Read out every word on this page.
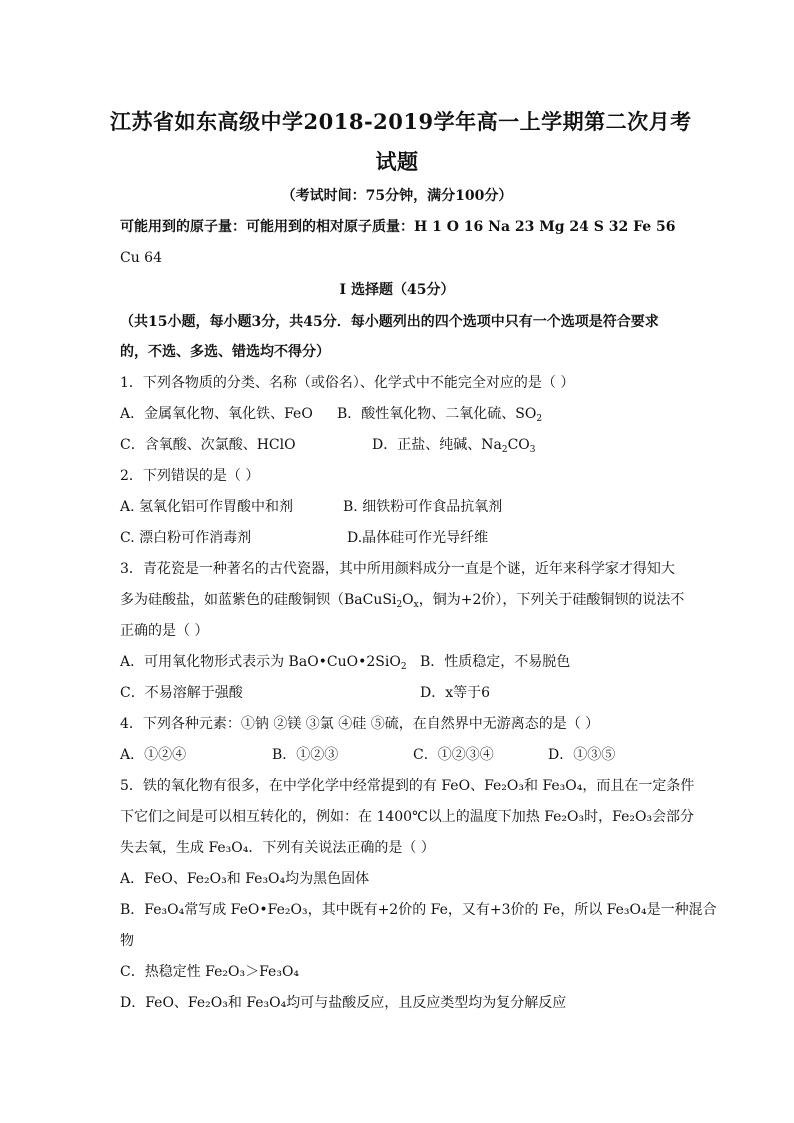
江苏省如东高级中学2018-2019学年高一上学期第二次月考
试题
（考试时间：75分钟，满分100分）
可能用到的原子量：可能用到的相对原子质量：H 1 O 16 Na 23 Mg 24 S 32 Fe 56
Cu 64
I 选择题（45分）
（共15小题，每小题3分，共45分．每小题列出的四个选项中只有一个选项是符合要求
的，不选、多选、错选均不得分）
1．下列各物质的分类、名称（或俗名）、化学式中不能完全对应的是（ ）
A．金属氧化物、氧化铁、FeO B．酸性氧化物、二氧化硫、$SO_2$
C．含氧酸、次氯酸、HClO	D．正盐、纯碱、$Na_2CO_3$
2．下列错误的是（ ）
A. 氢氧化铝可作胃酸中和剂	B. 细铁粉可作食品抗氧剂
C. 漂白粉可作消毒剂	D.晶体硅可作光导纤维
3．青花瓷是一种著名的古代瓷器，其中所用颜料成分一直是个谜，近年来科学家才得知大
多为硅酸盐，如蓝紫色的硅酸铜钡（$BaCuSi_2O_x$，铜为+2价），下列关于硅酸铜钡的说法不
正确的是（ ）
A．可用氧化物形式表示为 BaO•CuO•2SiO$_2$ B．性质稳定，不易脱色
C．不易溶解于强酸	D．x等于6
4．下列各种元素：①钠 ②镁 ③氯 ④硅 ⑤硫，在自然界中无游离态的是（ ）
A．①②④	B．①②③	C．①②③④	D．①③⑤
5．铁的氧化物有很多，在中学化学中经常提到的有 FeO、Fe₂O₃和 Fe₃O₄，而且在一定条件
下它们之间是可以相互转化的，例如：在 1400℃以上的温度下加热 Fe₂O₃时，Fe₂O₃会部分
失去氧，生成 Fe₃O₄．下列有关说法正确的是（ ）
A．FeO、Fe₂O₃和 Fe₃O₄均为黑色固体
B．Fe₃O₄常写成 FeO•Fe₂O₃，其中既有+2价的 Fe，又有+3价的 Fe，所以 Fe₃O₄是一种混合
物
C．热稳定性 Fe₂O₃＞Fe₃O₄
D．FeO、Fe₂O₃和 Fe₃O₄均可与盐酸反应，且反应类型均为复分解反应
